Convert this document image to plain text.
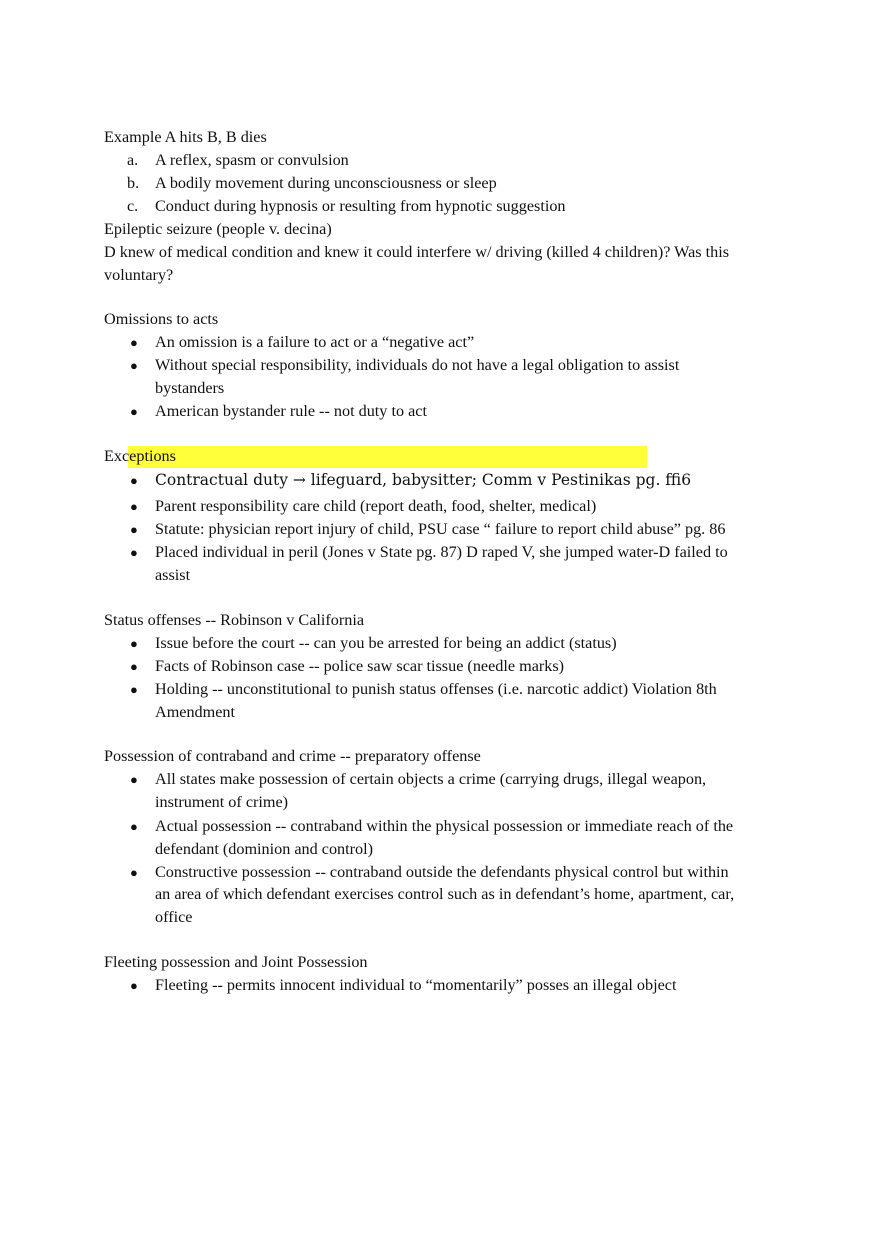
Example A hits B, B dies
a.	A reflex, spasm or convulsion
b. A bodily movement during unconsciousness or sleep
c.	Conduct during hypnosis or resulting from hypnotic suggestion
Epileptic seizure (people v. decina)
D knew of medical condition and knew it could interfere w/ driving (killed 4 children)? Was this
voluntary?
Omissions to acts
● An omission is a failure to act or a “negative act”
● Without special responsibility, individuals do not have a legal obligation to assist
bystanders
● American bystander rule -- not duty to act
Exceptions
● Contractual duty → lifeguard, babysitter; Comm v Pestinikas pg. ﬃ6
● Parent responsibility care child (report death, food, shelter, medical)
● Statute: physician report injury of child, PSU case “ failure to report child abuse” pg. 86
● Placed individual in peril (Jones v State pg. 87) D raped V, she jumped water-D failed to
assist
Status offenses -- Robinson v California
● Issue before the court -- can you be arrested for being an addict (status)
● Facts of Robinson case -- police saw scar tissue (needle marks)
● Holding -- unconstitutional to punish status offenses (i.e. narcotic addict) Violation 8th
Amendment
Possession of contraband and crime -- preparatory offense
● All states make possession of certain objects a crime (carrying drugs, illegal weapon,
instrument of crime)
● Actual possession -- contraband within the physical possession or immediate reach of the
defendant (dominion and control)
● Constructive possession -- contraband outside the defendants physical control but within
an area of which defendant exercises control such as in defendant’s home, apartment, car,
office
Fleeting possession and Joint Possession
● Fleeting -- permits innocent individual to “momentarily” posses an illegal object
